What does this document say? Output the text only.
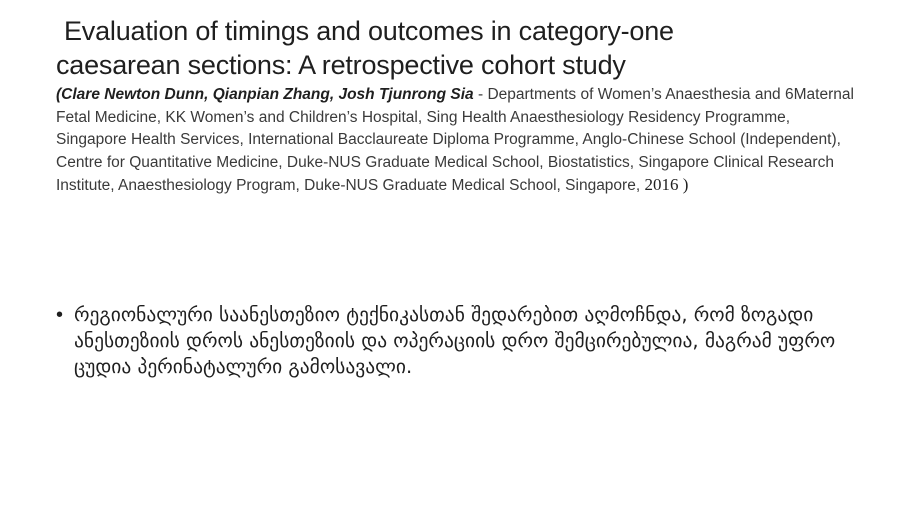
Evaluation of timings and outcomes in category-one
caesarean sections: A retrospective cohort study
(Clare Newton Dunn, Qianpian Zhang, Josh Tjunrong Sia - Departments of Women’s Anaesthesia and 6Maternal Fetal Medicine, KK Women’s and Children’s Hospital, Sing Health Anaesthesiology Residency Programme, Singapore Health Services, International Bacclaureate Diploma Programme, Anglo-Chinese School (Independent), Centre for Quantitative Medicine, Duke-NUS Graduate Medical School, Biostatistics, Singapore Clinical Research Institute, Anaesthesiology Program, Duke-NUS Graduate Medical School, Singapore, 2016 )
• რეგიონალური საანესთეზიო ტექნიკასთან შედარებით აღმოჩნდა, რომ ზოგადი ანესთეზიის დროს ანესთეზიის და ოპერაციის დრო შემცირებულია, მაგრამ უფრო ცუდია პერინატალური გამოსავალი.
